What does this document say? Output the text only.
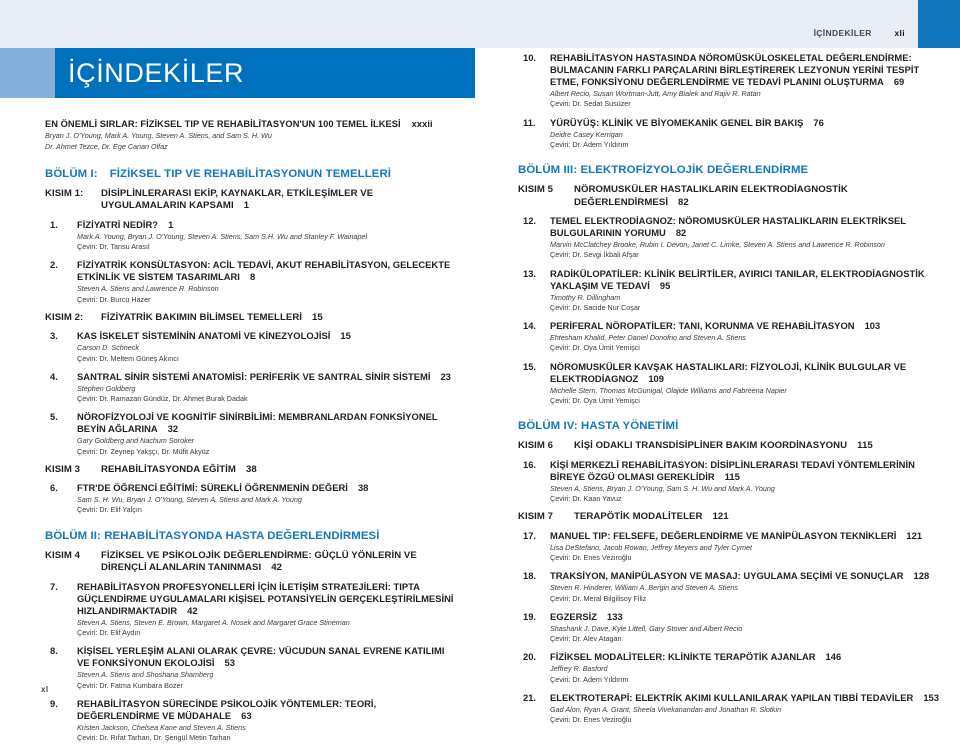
İÇİNDEKİLER	xli
İÇİNDEKİLER
EN ÖNEMLİ SIRLAR: FİZİKSEL TIP VE REHABİLİTASYON'UN 100 TEMEL İLKESİ xxxii
Bryan J. O'Young, Mark A. Young, Steven A. Stiens, and Sam S. H. Wu
Dr. Ahmet Tezce, Dr. Ege Canan Olfaz
BÖLÜM I: FİZİKSEL TIP VE REHABİLİTASYONUN TEMELLERİ
KISIM 1:	DİSİPLİNLERARASI EKİP, KAYNAKLAR, ETKİLEŞİMLER VE UYGULAMALARIN KAPSAMI 1
1.	FİZİYATRİ NEDİR? 1
Mark A. Young, Bryan J. O'Young, Steven A. Stiens, Sam S.H. Wu and Stanley F. Wainapel
Çeviri: Dr. Tansu Arasıl
2.	FİZİYATRİK KONSÜLTASYON: ACİL TEDAVİ, AKUT REHABİLİTASYON, GELECEKTE ETKİNLİK VE SİSTEM TASARIMLARI 8
Steven A. Stiens and Lawrence R. Robinson
Çeviri: Dr. Burcu Hazer
KISIM 2:	FİZİYATRİK BAKIMIN BİLİMSEL TEMELLERİ 15
3.	KAS İSKELET SİSTEMİNİN ANATOMİ VE KİNEZYOLOJİSİ 15
Carson D. Schneck
Çeviri: Dr. Meltem Güneş Akıncı
4.	SANTRAL SİNİR SİSTEMİ ANATOMİSİ: PERİFERİK VE SANTRAL SİNİR SİSTEMİ 23
Stephen Goldberg
Çeviri: Dr. Ramazan Gündüz, Dr. Ahmet Burak Dadak
5.	NÖROFİZYOLOJİ VE KOGNİTİF SİNİRBİLİMİ: MEMBRANLARDAN FONKSİYONEL BEYİN AĞLARINA 32
Gary Goldberg and Nachum Soroker
Çeviri: Dr. Zeynep Yakşçı, Dr. Müfit Akyüz
KISIM 3	REHABİLİTASYONDA EĞİTİM 38
6.	FTR'DE ÖĞRENCİ EĞİTİMİ: SÜREKLİ ÖĞRENMENİN DEĞERİ 38
Sam S. H. Wu, Bryan J. O'Young, Steven A. Stiens and Mark A. Young
Çeviri: Dr. Elif Yalçın
BÖLÜM II: REHABİLİTASYONDA HASTA DEĞERLENDİRMESİ
KISIM 4	FİZİKSEL VE PSİKOLOJİK DEĞERLENDİRME: GÜÇLÜ YÖNLERİN VE DİRENÇLİ ALANLARIN TANINMASI 42
7.	REHABİLİTASYON PROFESYONELLERİ İÇİN İLETİŞİM STRATEJİLERİ: TIPTA GÜÇLENDİRME UYGULAMALARI KİŞİSEL POTANSİYELİN GERÇEKLEŞTİRİLMESİNİ HIZLANDIRMAKTADIR 42
Steven A. Stiens, Steven E. Brown, Margaret A. Nosek and Margaret Grace Stineman
Çeviri: Dr. Elif Aydın
8.	KİŞİSEL YERLEŞİM ALANI OLARAK ÇEVRE: VÜCUDUN SANAL EVRENE KATILIMI VE FONKSİYONUN EKOLOJİSİ 53
Steven A. Stiens and Shoshana Shamberg
Çeviri: Dr. Fatma Kumbara Bozer
9.	REHABİLİTASYON SÜRECİNDE PSİKOLOJİK YÖNTEMLER: TEORİ, DEĞERLENDİRME VE MÜDAHALE 63
Kristen Jackson, Chelsea Kane and Steven A. Stiens
Çeviri: Dr. Rıfat Tarhan, Dr. Şengül Metin Tarhan
10.	REHABİLİTASYON HASTASINDA NÖROMÜSKÜLOSKELETAL DEĞERLENDİRME: BULMACANIN FARKLI PARÇALARINI BİRLEŞTİREREK LEZYONUN YERİNİ TESPİT ETME, FONKSİYONU DEĞERLENDİRME VE TEDAVİ PLANINI OLUŞTURMA 69
Albert Recio, Susan Wortman-Jutt, Amy Bialek and Rajiv R. Ratan
Çeviri: Dr. Sedat Susüzer
11.	YÜRÜYÜŞ: KLİNİK VE BİYOMEKANİK GENEL BİR BAKIŞ 76
Deidre Casey Kerrigan
Çeviri: Dr. Adem Yıldırım
BÖLÜM III: ELEKTROFİZYOLOJİK DEĞERLENDİRME
KISIM 5	NÖROMUSKÜLER HASTALIKLARIN ELEKTRODİAGNOSTİK DEĞERLENDİRMESİ 82
12.	TEMEL ELEKTRODİAGNOZ: NÖROMUSKÜLER HASTALIKLARIN ELEKTRİKSEL BULGULARININ YORUMU 82
Marvin McClatchey Brooke, Rubin I. Devon, Janet C. Limke, Steven A. Stiens and Lawrence R. Robinson
Çeviri: Dr. Sevgi İkbali Afşar
13.	RADİKÜLOPATİLER: KLİNİK BELİRTİLER, AYIRICI TANILAR, ELEKTRODİAGNOSTİK YAKLAŞIM VE TEDAVİ 95
Timothy R. Dillingham
Çeviri: Dr. Sacide Nur Coşar
14.	PERİFERAL NÖROPATİLER: TANI, KORUNMA VE REHABİLİTASYON 103
Ehtesham Khalid, Peter Daniel Donofrio and Steven A. Stiens
Çeviri: Dr. Oya Ümit Yemişci
15.	NÖROMUSKÜLER KAVŞAK HASTALIKLARI: FİZYOLOJİ, KLİNİK BULGULAR VE ELEKTRODİAGNOZ 109
Michelle Stern, Thomas McGunigal, Olajide Williams and Fabreena Napier
Çeviri: Dr. Oya Ümit Yemişci
BÖLÜM IV: HASTA YÖNETİMİ
KISIM 6	KİŞİ ODAKLI TRANSDİSİPLİNER BAKIM KOORDİNASYONU 115
16.	KİŞİ MERKEZLİ REHABİLİTASYON: DİSİPLİNLERARASI TEDAVİ YÖNTEMLERİNİN BİREYE ÖZGÜ OLMASI GEREKLİDİR 115
Steven A. Stiens, Bryan J. O'Young, Sam S. H. Wu and Mark A. Young
Çeviri: Dr. Kaan Yavuz
KISIM 7	TERAPÖTİK MODALİTELER 121
17.	MANUEL TIP: FELSEFE, DEĞERLENDİRME VE MANİPÜLASYON TEKNİKLERİ 121
Lisa DeStefano, Jacob Rowan, Jeffrey Meyers and Tyler Cymet
Çeviri: Dr. Enes Veziroğlu
18.	TRAKSİYON, MANİPÜLASYON VE MASAJ: UYGULAMA SEÇİMİ VE SONUÇLAR 128
Steven R. Hinderer, William A. Bergin and Steven A. Stiens
Çeviri: Dr. Meral Bilgilisoy Filiz
19.	EGZERSİZ 133
Shashank J. Dave, Kyle Littell, Gary Stover and Albert Recio
Çeviri: Dr. Alev Atagan
20.	FİZİKSEL MODALİTELER: KLİNİKTE TERAPÖTİK AJANLAR 146
Jeffrey R. Basford
Çeviri: Dr. Adem Yıldırım
21.	ELEKTROTERAPİ: ELEKTRİK AKIMI KULLANILARAK YAPILAN TIBBİ TEDAVİLER 153
Gad Alon, Ryan A. Grant, Sheela Vivekanandan and Jonathan R. Slotkin
Çeviri: Dr. Enes Veziroğlu
xl
